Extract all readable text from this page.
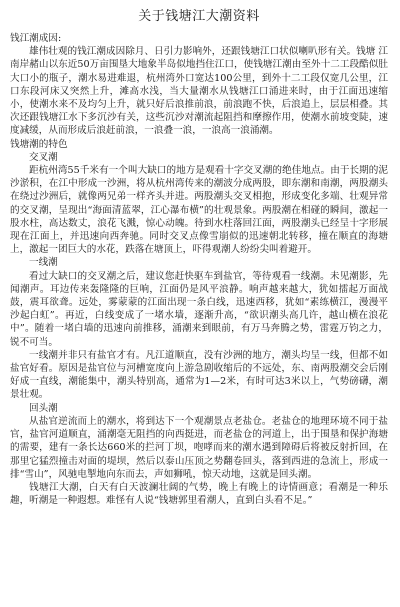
关于钱塘江大潮资料

钱江潮成因:

雄伟壮观的钱江潮成因除月、日引力影响外，还跟钱塘江口状似喇叭形有关。钱塘 江南岸赭山以东近50万亩围垦大地象半岛似地挡住江口，使钱塘江潮由至外十二工段酷似肚大口小的瓶子，潮水易进难退，杭州湾外口宽达100公里，到外十二工段仅宽几公里，江口东段河床又突然上升，滩高水浅，当大量潮水从钱塘江口涌进来时，由于江面迅速缩小，使潮水来不及均匀上升，就只好后浪推前浪，前浪跑不快，后浪追上，层层相叠。其次还跟钱塘江水下多沉沙有关，这些沉沙对潮流起阻挡和摩擦作用，使潮水前坡变陡，速度减缓，从而形成后浪赶前浪，一浪叠一浪，一浪高一浪涌潮。

钱塘潮的特色

交叉潮

距杭州湾55千米有一个叫大缺口的地方是观看十字交叉潮的绝佳地点。由于长期的泥沙淤积，在江中形成一沙洲，将从杭州湾传来的潮波分成两股，即东潮和南潮，两股潮头在绕过沙洲后，就像两兄弟一样齐头并进。两股潮头交叉相抱，形成变化多端、壮观异常的交叉潮，呈现出“海面清蓝翠，江心瀑布横”的壮观景象。两股潮在相碰的瞬间，激起一股水柱，高达数丈，浪花飞溅，惊心动魄。待到水柱落回江面，两股潮头已经呈十字形展现在江面上，并迅速向西奔驰。同时交叉点像雪崩似的迅速朝北转移，撞在顺直的海塘上，激起一团巨大的水花，跌落在塘顶上，吓得观潮人纷纷尖叫着避开。

一线潮

看过大缺口的交叉潮之后，建议您赶快驱车到盐官，等待观看一线潮。未见潮影，先闻潮声。耳边传来轰隆隆的巨响，江面仍是风平浪静。响声越来越大，犹如擂起万面战鼓，震耳欲聋。远处，雾蒙蒙的江面出现一条白线，迅速西移，犹如“素练横江，漫漫平沙起白虹”。再近，白线变成了一堵水墙，逐渐升高，“欲识潮头高几许，越山横在浪花中”。随着一堵白墙的迅速向前推移，涌潮来到眼前，有万马奔腾之势，雷霆万钧之力，锐不可当。

一线潮并非只有盐官才有。凡江道顺直，没有沙洲的地方，潮头均呈一线，但都不如盐官好看。原因是盐官位与河槽宽度向上游急剧收缩后的不远处，东、南两股潮交会后刚好成一直线，潮能集中，潮头特别高，通常为1—2米，有时可达3米以上，气势磅礴，潮景壮观。

回头潮

从盐官逆流而上的潮水，将到达下一个观潮景点老盐仓。老盐仓的地理环境不同于盐官，盐官河道顺直，涌潮毫无阻挡的向西挺进，而老盐仓的河道上，出于围垦和保护海塘的需要，建有一条长达660米的拦河丁坝，咆哮而来的潮水遇到障碍后将被反射折回，在那里它猛烈撞击对面的堤坝，然后以泰山压顶之势翻卷回头，落到西进的急流上，形成一排“雪山”，风驰电掣地向东而去，声如狮吼，惊天动地，这就是回头潮。

钱塘江大潮，白天有白天波澜壮阔的气势，晚上有晚上的诗情画意；看潮是一种乐趣，听潮是一种遐想。难怪有人说“钱塘郭里看潮人，直到白头看不足。”
